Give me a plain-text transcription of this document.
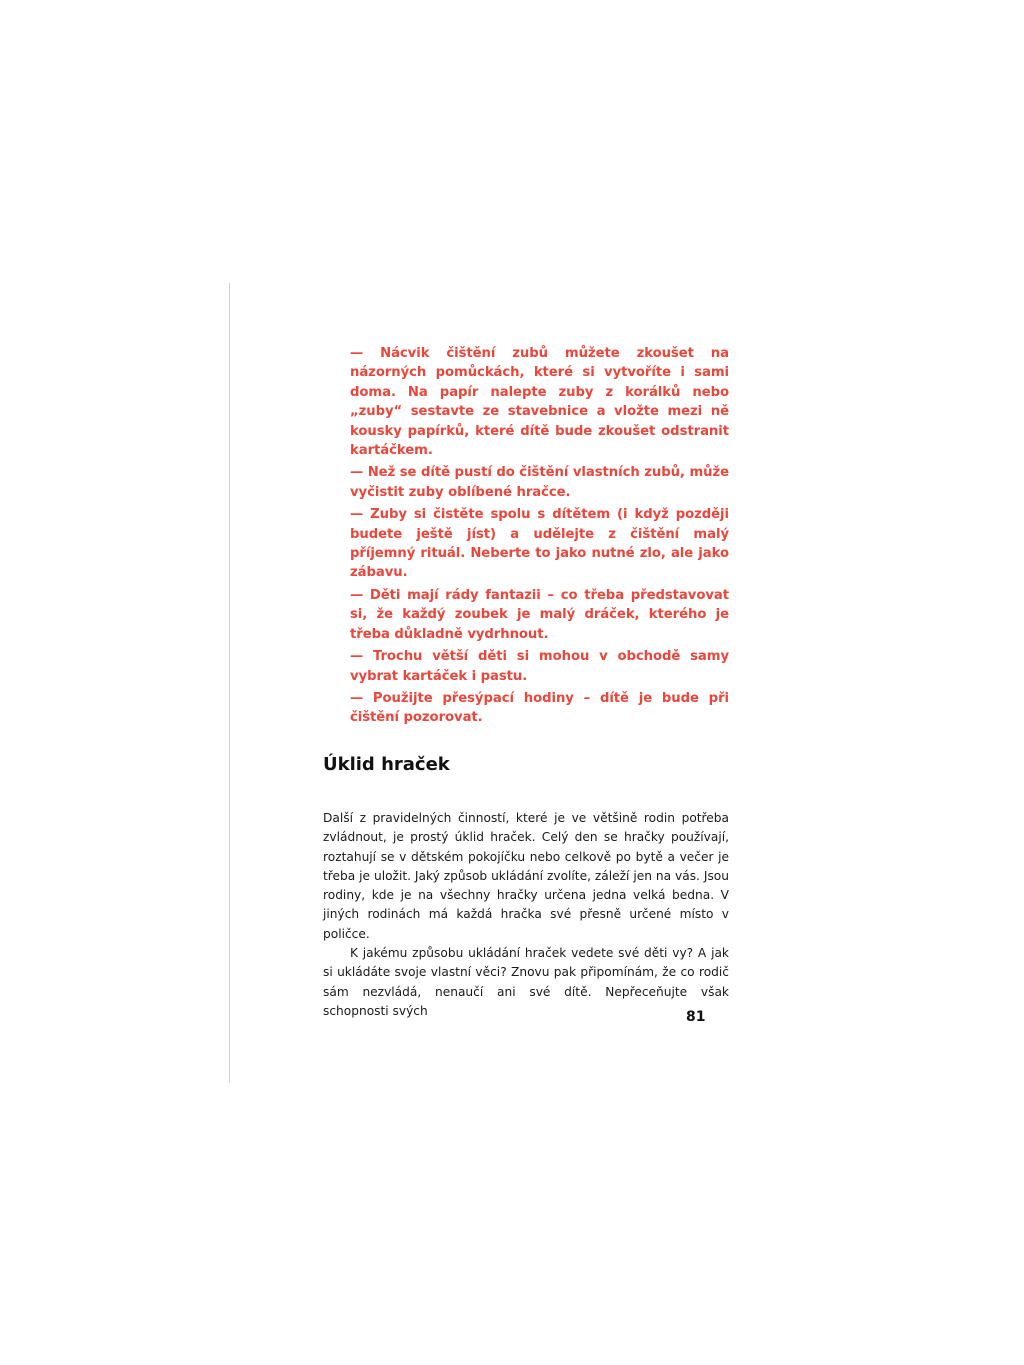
— Nácvik čištění zubů můžete zkoušet na názorných pomůckách, které si vytvoříte i sami doma. Na papír nalepte zuby z korálků nebo „zuby“ sestavte ze stavebnice a vložte mezi ně kousky papírků, které dítě bude zkoušet odstranit kartáčkem.

— Než se dítě pustí do čištění vlastních zubů, může vyčistit zuby oblíbené hračce.

— Zuby si čistěte spolu s dítětem (i když později budete ještě jíst) a udělejte z čištění malý příjemný rituál. Neberte to jako nutné zlo, ale jako zábavu.

— Děti mají rády fantazii – co třeba představovat si, že každý zoubek je malý dráček, kterého je třeba důkladně vydrhnout.

— Trochu větší děti si mohou v obchodě samy vybrat kartáček i pastu.

— Použijte přesýpací hodiny – dítě je bude při čištění pozorovat.

Úklid hraček

Další z pravidelných činností, které je ve většině rodin potřeba zvládnout, je prostý úklid hraček. Celý den se hračky používají, roztahují se v dětském pokojíčku nebo celkově po bytě a večer je třeba je uložit. Jaký způsob ukládání zvolíte, záleží jen na vás. Jsou rodiny, kde je na všechny hračky určena jedna velká bedna. V jiných rodinách má každá hračka své přesně určené místo v poličce.

K jakému způsobu ukládání hraček vedete své děti vy? A jak si ukládáte svoje vlastní věci? Znovu pak připomínám, že co rodič sám nezvládá, nenaučí ani své dítě. Nepřeceňujte však schopnosti svých	81
